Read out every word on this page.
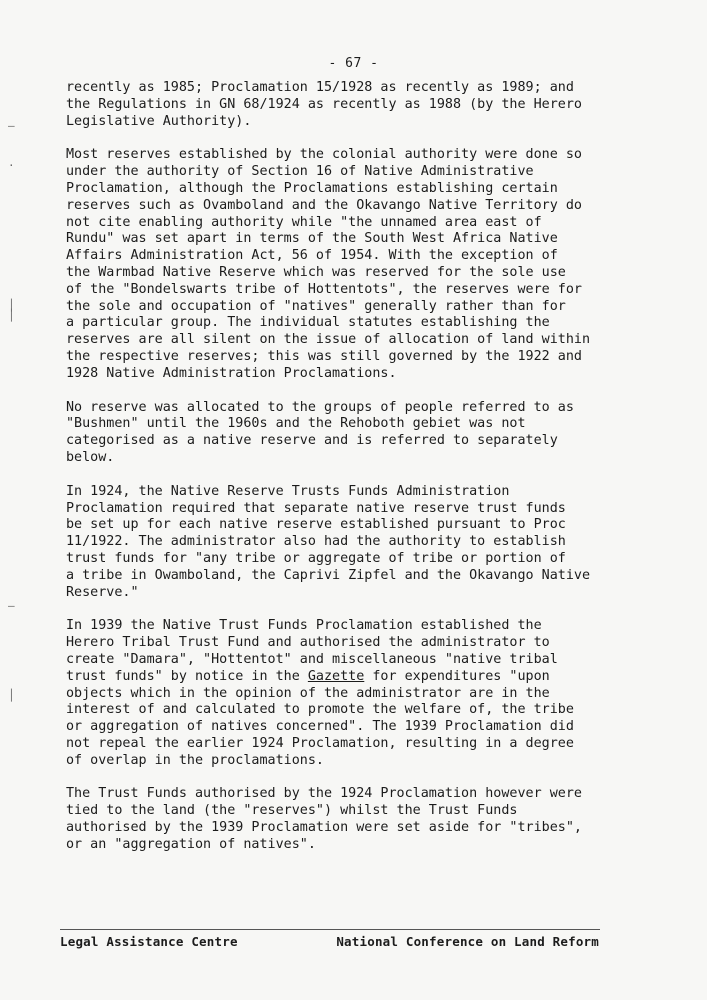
- 67 -
recently as 1985; Proclamation 15/1928 as recently as 1989; and
the Regulations in GN 68/1924 as recently as 1988 (by the Herero
Legislative Authority).
Most reserves established by the colonial authority were done so
under the authority of Section 16 of Native Administrative
Proclamation, although the Proclamations establishing certain
reserves such as Ovamboland and the Okavango Native Territory do
not cite enabling authority while "the unnamed area east of
Rundu" was set apart in terms of the South West Africa Native
Affairs Administration Act, 56 of 1954. With the exception of
the Warmbad Native Reserve which was reserved for the sole use
of the "Bondelswarts tribe of Hottentots", the reserves were for
the sole and occupation of "natives" generally rather than for
a particular group. The individual statutes establishing the
reserves are all silent on the issue of allocation of land within
the respective reserves; this was still governed by the 1922 and
1928 Native Administration Proclamations.
No reserve was allocated to the groups of people referred to as
"Bushmen" until the 1960s and the Rehoboth gebiet was not
categorised as a native reserve and is referred to separately
below.
In 1924, the Native Reserve Trusts Funds Administration
Proclamation required that separate native reserve trust funds
be set up for each native reserve established pursuant to Proc
11/1922. The administrator also had the authority to establish
trust funds for "any tribe or aggregate of tribe or portion of
a tribe in Owamboland, the Caprivi Zipfel and the Okavango Native
Reserve."
In 1939 the Native Trust Funds Proclamation established the
Herero Tribal Trust Fund and authorised the administrator to
create "Damara", "Hottentot" and miscellaneous "native tribal
trust funds" by notice in the Gazette for expenditures "upon
objects which in the opinion of the administrator are in the
interest of and calculated to promote the welfare of, the tribe
or aggregation of natives concerned". The 1939 Proclamation did
not repeal the earlier 1924 Proclamation, resulting in a degree
of overlap in the proclamations.
The Trust Funds authorised by the 1924 Proclamation however were
tied to the land (the "reserves") whilst the Trust Funds
authorised by the 1939 Proclamation were set aside for "tribes",
or an "aggregation of natives".
–
·
│
│
–
│
Legal Assistance Centre	National Conference on Land Reform
